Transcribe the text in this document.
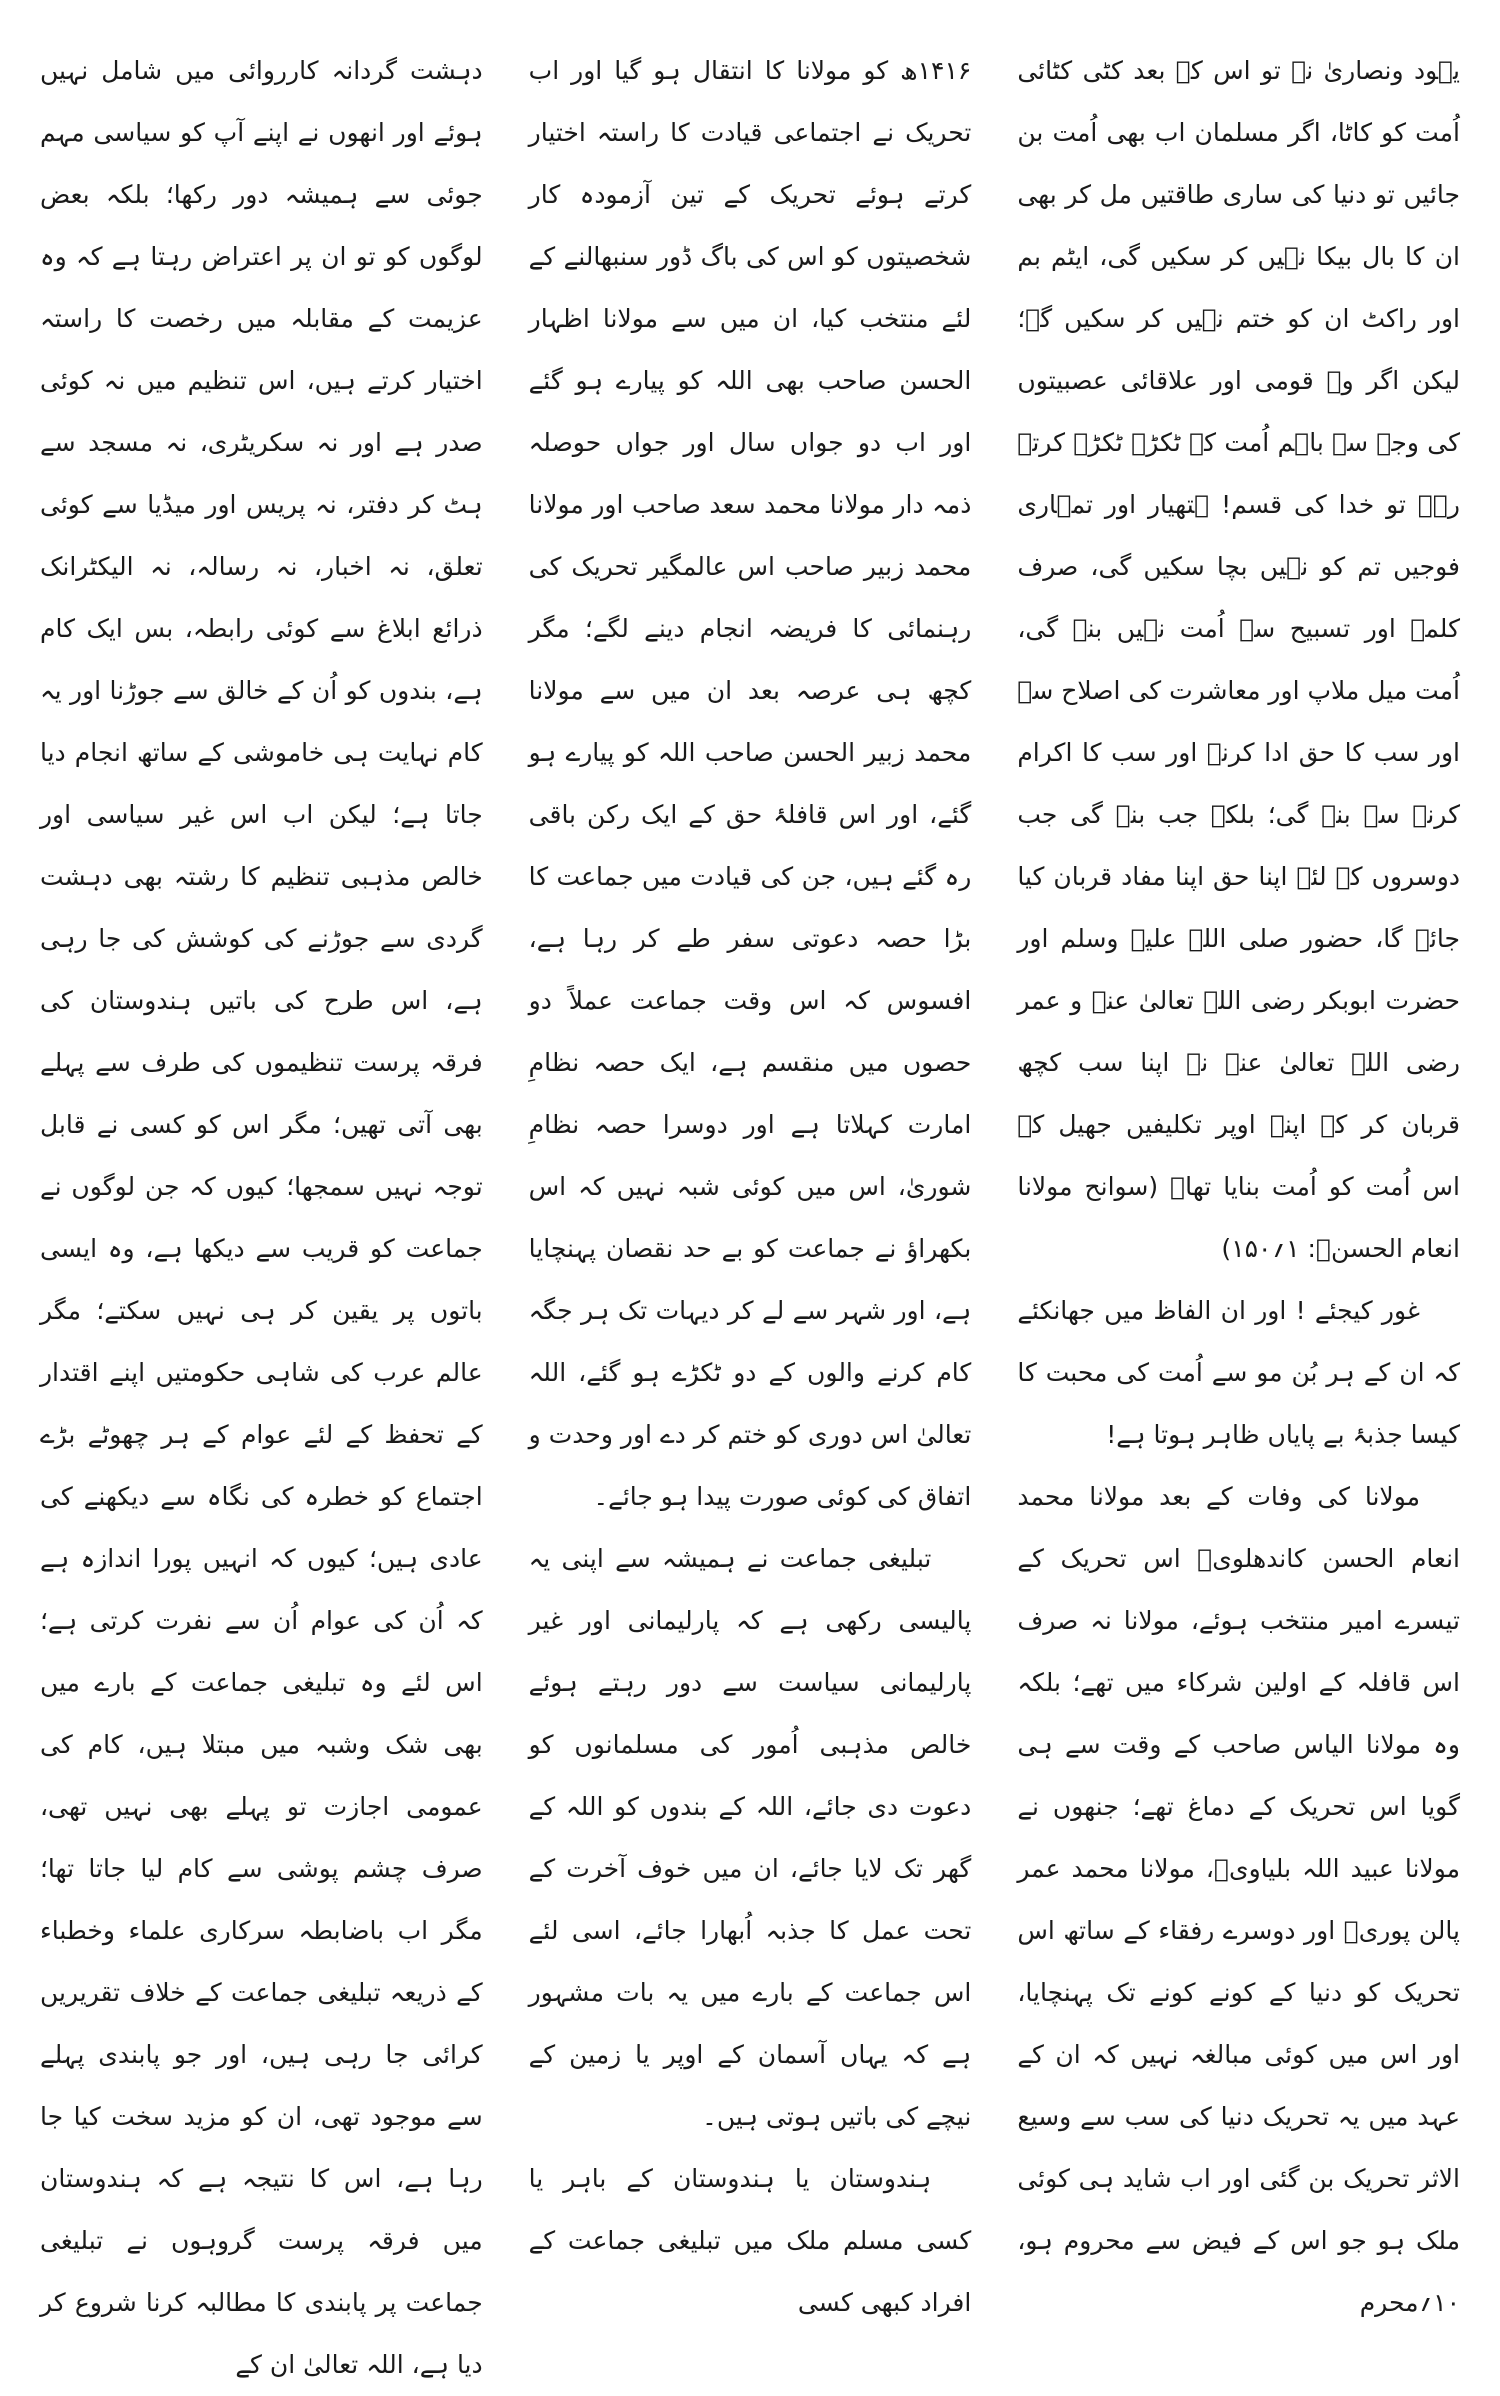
یہود ونصاریٰ نے تو اس کے بعد کٹی کٹائی اُمت کو کاٹا، اگر مسلمان اب بھی اُمت بن جائیں تو دنیا کی ساری طاقتیں مل کر بھی ان کا بال بیکا نہیں کر سکیں گی، ایٹم بم اور راکٹ ان کو ختم نہیں کر سکیں گے؛ لیکن اگر وہ قومی اور علاقائی عصبیتوں کی وجہ سے باہم اُمت کے ٹکڑے ٹکڑے کرتے رہے تو خدا کی قسم! ہتھیار اور تمہاری فوجیں تم کو نہیں بچا سکیں گی، صرف کلمہ اور تسبیح سے اُمت نہیں بنے گی، اُمت میل ملاپ اور معاشرت کی اصلاح سے اور سب کا حق ادا کرنے اور سب کا اکرام کرنے سے بنے گی؛ بلکہ جب بنے گی جب دوسروں کے لئے اپنا حق اپنا مفاد قربان کیا جائے گا، حضور صلی اللہ علیہ وسلم اور حضرت ابوبکر رضی اللہ تعالیٰ عنہ و عمر رضی اللہ تعالیٰ عنہ نے اپنا سب کچھ قربان کر کے اپنے اوپر تکلیفیں جھیل کے اس اُمت کو اُمت بنایا تھا۔ (سوانح مولانا انعام الحسنؒ: ۱؍۱۵۰)

غور کیجئے ! اور ان الفاظ میں جھانکئے کہ ان کے ہر بُن مو سے اُمت کی محبت کا کیسا جذبۂ بے پایاں ظاہر ہوتا ہے!

مولانا کی وفات کے بعد مولانا محمد انعام الحسن کاندھلویؒ اس تحریک کے تیسرے امیر منتخب ہوئے، مولانا نہ صرف اس قافلہ کے اولین شرکاء میں تھے؛ بلکہ وہ مولانا الیاس صاحب کے وقت سے ہی گویا اس تحریک کے دماغ تھے؛ جنھوں نے مولانا عبید اللہ بلیاویؒ، مولانا محمد عمر پالن پوریؒ اور دوسرے رفقاء کے ساتھ اس تحریک کو دنیا کے کونے کونے تک پہنچایا، اور اس میں کوئی مبالغہ نہیں کہ ان کے عہد میں یہ تحریک دنیا کی سب سے وسیع الاثر تحریک بن گئی اور اب شاید ہی کوئی ملک ہو جو اس کے فیض سے محروم ہو، ۱۰؍محرم

۱۴۱۶ھ کو مولانا کا انتقال ہو گیا اور اب تحریک نے اجتماعی قیادت کا راستہ اختیار کرتے ہوئے تحریک کے تین آزمودہ کار شخصیتوں کو اس کی باگ ڈور سنبھالنے کے لئے منتخب کیا، ان میں سے مولانا اظہار الحسن صاحب بھی اللہ کو پیارے ہو گئے اور اب دو جواں سال اور جواں حوصلہ ذمہ دار مولانا محمد سعد صاحب اور مولانا محمد زبیر صاحب اس عالمگیر تحریک کی رہنمائی کا فریضہ انجام دینے لگے؛ مگر کچھ ہی عرصہ بعد ان میں سے مولانا محمد زبیر الحسن صاحب اللہ کو پیارے ہو گئے، اور اس قافلۂ حق کے ایک رکن باقی رہ گئے ہیں، جن کی قیادت میں جماعت کا بڑا حصہ دعوتی سفر طے کر رہا ہے، افسوس کہ اس وقت جماعت عملاً دو حصوں میں منقسم ہے، ایک حصہ نظامِ امارت کہلاتا ہے اور دوسرا حصہ نظامِ شوریٰ، اس میں کوئی شبہ نہیں کہ اس بکھراؤ نے جماعت کو بے حد نقصان پہنچایا ہے، اور شہر سے لے کر دیہات تک ہر جگہ کام کرنے والوں کے دو ٹکڑے ہو گئے، اللہ تعالیٰ اس دوری کو ختم کر دے اور وحدت و اتفاق کی کوئی صورت پیدا ہو جائے۔

تبلیغی جماعت نے ہمیشہ سے اپنی یہ پالیسی رکھی ہے کہ پارلیمانی اور غیر پارلیمانی سیاست سے دور رہتے ہوئے خالص مذہبی اُمور کی مسلمانوں کو دعوت دی جائے، اللہ کے بندوں کو اللہ کے گھر تک لایا جائے، ان میں خوف آخرت کے تحت عمل کا جذبہ اُبھارا جائے، اسی لئے اس جماعت کے بارے میں یہ بات مشہور ہے کہ یہاں آسمان کے اوپر یا زمین کے نیچے کی باتیں ہوتی ہیں۔

ہندوستان یا ہندوستان کے باہر یا کسی مسلم ملک میں تبلیغی جماعت کے افراد کبھی کسی

دہشت گردانہ کارروائی میں شامل نہیں ہوئے اور انھوں نے اپنے آپ کو سیاسی مہم جوئی سے ہمیشہ دور رکھا؛ بلکہ بعض لوگوں کو تو ان پر اعتراض رہتا ہے کہ وہ عزیمت کے مقابلہ میں رخصت کا راستہ اختیار کرتے ہیں، اس تنظیم میں نہ کوئی صدر ہے اور نہ سکریٹری، نہ مسجد سے ہٹ کر دفتر، نہ پریس اور میڈیا سے کوئی تعلق، نہ اخبار، نہ رسالہ، نہ الیکٹرانک ذرائع ابلاغ سے کوئی رابطہ، بس ایک کام ہے، بندوں کو اُن کے خالق سے جوڑنا اور یہ کام نہایت ہی خاموشی کے ساتھ انجام دیا جاتا ہے؛ لیکن اب اس غیر سیاسی اور خالص مذہبی تنظیم کا رشتہ بھی دہشت گردی سے جوڑنے کی کوشش کی جا رہی ہے، اس طرح کی باتیں ہندوستان کی فرقہ پرست تنظیموں کی طرف سے پہلے بھی آتی تھیں؛ مگر اس کو کسی نے قابل توجہ نہیں سمجھا؛ کیوں کہ جن لوگوں نے جماعت کو قریب سے دیکھا ہے، وہ ایسی باتوں پر یقین کر ہی نہیں سکتے؛ مگر عالم عرب کی شاہی حکومتیں اپنے اقتدار کے تحفظ کے لئے عوام کے ہر چھوٹے بڑے اجتماع کو خطرہ کی نگاہ سے دیکھنے کی عادی ہیں؛ کیوں کہ انہیں پورا اندازہ ہے کہ اُن کی عوام اُن سے نفرت کرتی ہے؛ اس لئے وہ تبلیغی جماعت کے بارے میں بھی شک وشبہ میں مبتلا ہیں، کام کی عمومی اجازت تو پہلے بھی نہیں تھی، صرف چشم پوشی سے کام لیا جاتا تھا؛ مگر اب باضابطہ سرکاری علماء وخطباء کے ذریعہ تبلیغی جماعت کے خلاف تقریریں کرائی جا رہی ہیں، اور جو پابندی پہلے سے موجود تھی، ان کو مزید سخت کیا جا رہا ہے، اس کا نتیجہ ہے کہ ہندوستان میں فرقہ پرست گروہوں نے تبلیغی جماعت پر پابندی کا مطالبہ کرنا شروع کر دیا ہے، اللہ تعالیٰ ان کے
